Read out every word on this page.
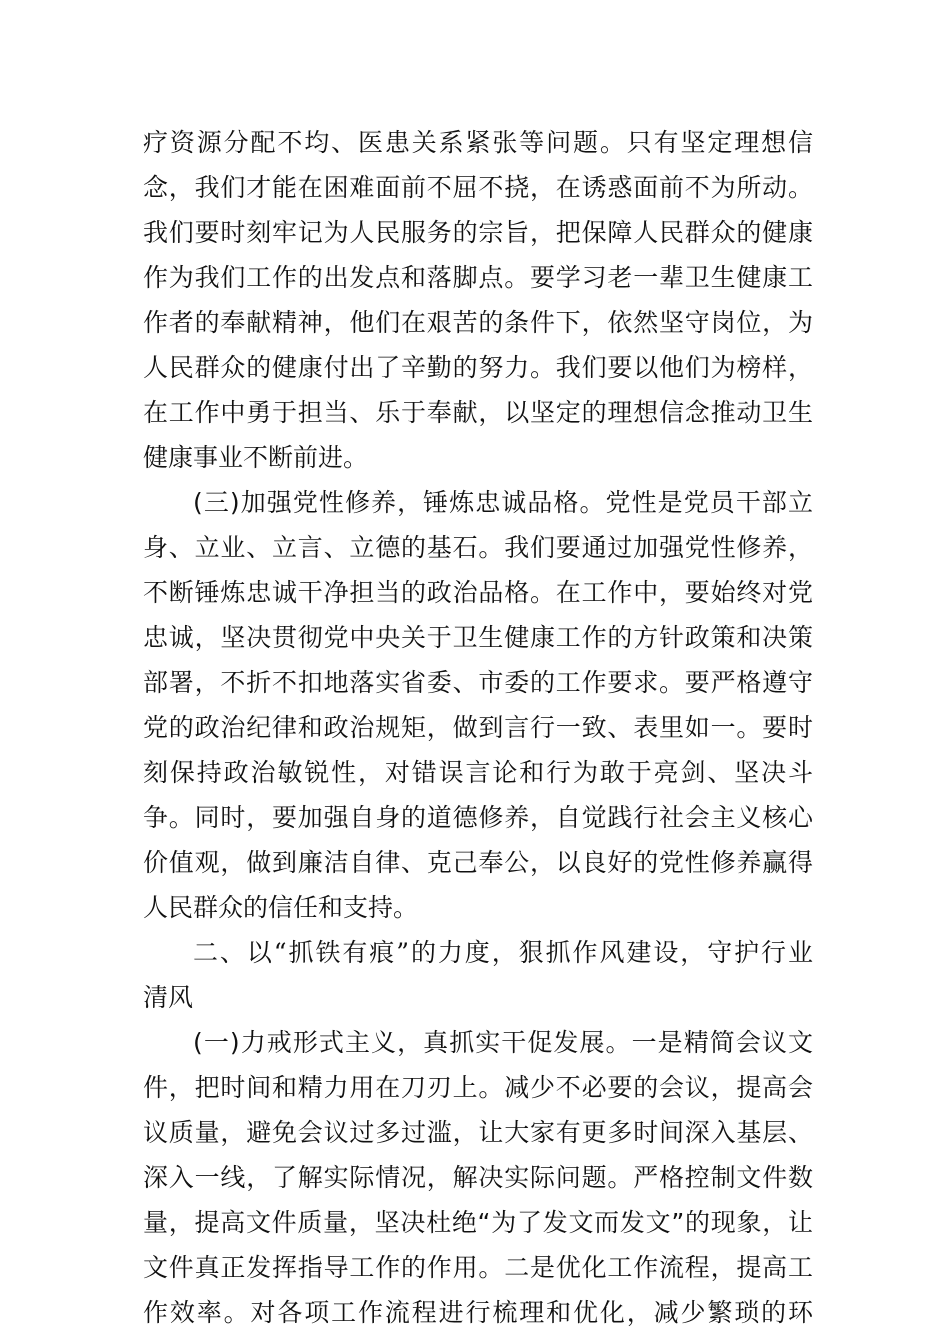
疗资源分配不均、医患关系紧张等问题。只有坚定理想信
念，我们才能在困难面前不屈不挠，在诱惑面前不为所动。
我们要时刻牢记为人民服务的宗旨，把保障人民群众的健康
作为我们工作的出发点和落脚点。要学习老一辈卫生健康工
作者的奉献精神，他们在艰苦的条件下，依然坚守岗位，为
人民群众的健康付出了辛勤的努力。我们要以他们为榜样，
在工作中勇于担当、乐于奉献，以坚定的理想信念推动卫生
健康事业不断前进。
(三)加强党性修养，锤炼忠诚品格。党性是党员干部立
身、立业、立言、立德的基石。我们要通过加强党性修养，
不断锤炼忠诚干净担当的政治品格。在工作中，要始终对党
忠诚，坚决贯彻党中央关于卫生健康工作的方针政策和决策
部署，不折不扣地落实省委、市委的工作要求。要严格遵守
党的政治纪律和政治规矩，做到言行一致、表里如一。要时
刻保持政治敏锐性，对错误言论和行为敢于亮剑、坚决斗
争。同时，要加强自身的道德修养，自觉践行社会主义核心
价值观，做到廉洁自律、克己奉公，以良好的党性修养赢得
人民群众的信任和支持。
二、以“抓铁有痕”的力度，狠抓作风建设，守护行业
清风
(一)力戒形式主义，真抓实干促发展。一是精简会议文
件，把时间和精力用在刀刃上。减少不必要的会议，提高会
议质量，避免会议过多过滥，让大家有更多时间深入基层、
深入一线，了解实际情况，解决实际问题。严格控制文件数
量，提高文件质量，坚决杜绝“为了发文而发文”的现象，让
文件真正发挥指导工作的作用。二是优化工作流程，提高工
作效率。对各项工作流程进行梳理和优化，减少繁琐的环
